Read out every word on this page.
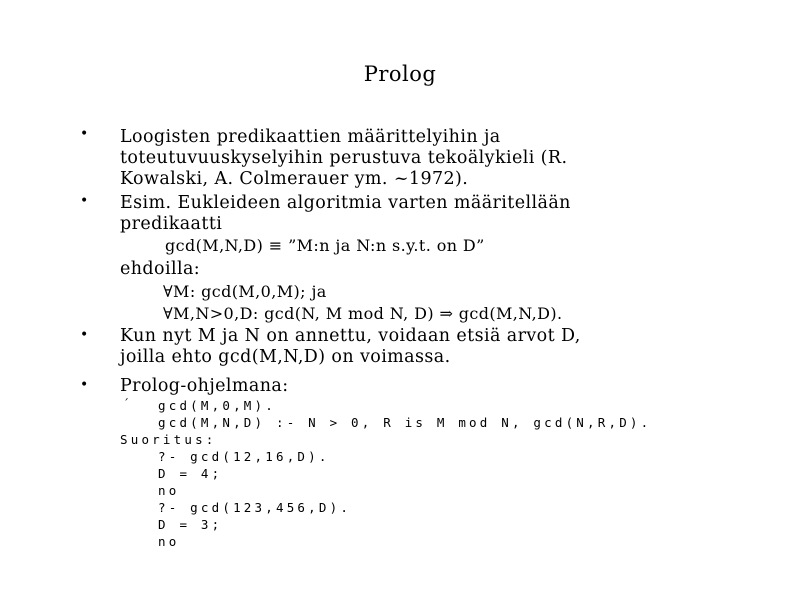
Prolog
• Loogisten predikaattien määrittelyihin ja
toteutuvuuskyselyihin perustuva tekoälykieli (R.
Kowalski, A. Colmerauer ym. ~1972).
• Esim. Eukleideen algoritmia varten määritellään
predikaatti
gcd(M,N,D) ≡ ”M:n ja N:n s.y.t. on D”
ehdoilla:
∀M: gcd(M,0,M); ja
∀M,N>0,D: gcd(N, M mod N, D) ⇒ gcd(M,N,D).
• Kun nyt M ja N on annettu, voidaan etsiä arvot D,
joilla ehto gcd(M,N,D) on voimassa.
• Prolog-ohjelmana:
´ gcd(M,0,M).
gcd(M,N,D) :- N > 0, R is M mod N, gcd(N,R,D).
Suoritus:
?- gcd(12,16,D).
D = 4;
no
?- gcd(123,456,D).
D = 3;
no
